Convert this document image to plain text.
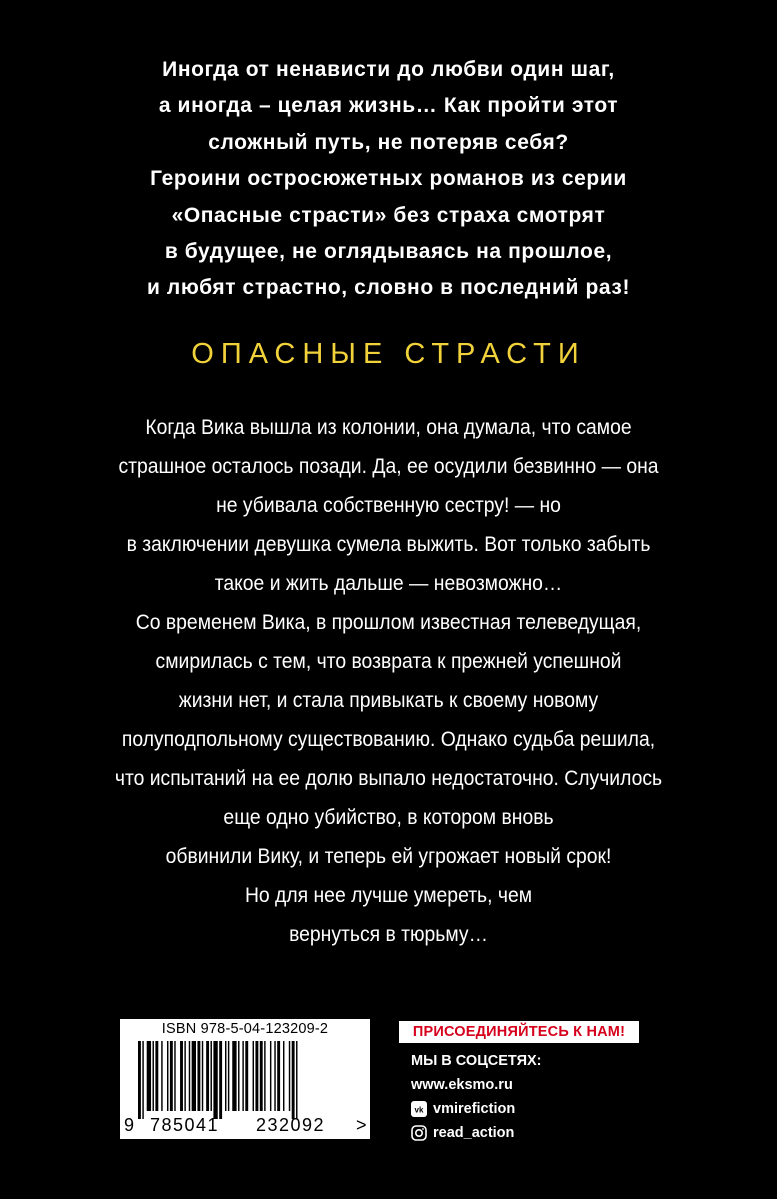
Иногда от ненависти до любви один шаг,
а иногда – целая жизнь… Как пройти этот
сложный путь, не потеряв себя?
Героини остросюжетных романов из серии
«Опасные страсти» без страха смотрят
в будущее, не оглядываясь на прошлое,
и любят страстно, словно в последний раз!
ОПАСНЫЕ СТРАСТИ
Когда Вика вышла из колонии, она думала, что самое
страшное осталось позади. Да, ее осудили безвинно — она
не убивала собственную сестру! — но
в заключении девушка сумела выжить. Вот только забыть
такое и жить дальше — невозможно…
Со временем Вика, в прошлом известная телеведущая,
смирилась с тем, что возврата к прежней успешной
жизни нет, и стала привыкать к своему новому
полуподпольному существованию. Однако судьба решила,
что испытаний на ее долю выпало недостаточно. Случилось
еще одно убийство, в котором вновь
обвинили Вику, и теперь ей угрожает новый срок!
Но для нее лучше умереть, чем
вернуться в тюрьму…
ISBN 978-5-04-123209-2
9 785041 232092 >
ПРИСОЕДИНЯЙТЕСЬ К НАМ!
МЫ В СОЦСЕТЯХ:
www.eksmo.ru
vk vmirefiction
read_action
